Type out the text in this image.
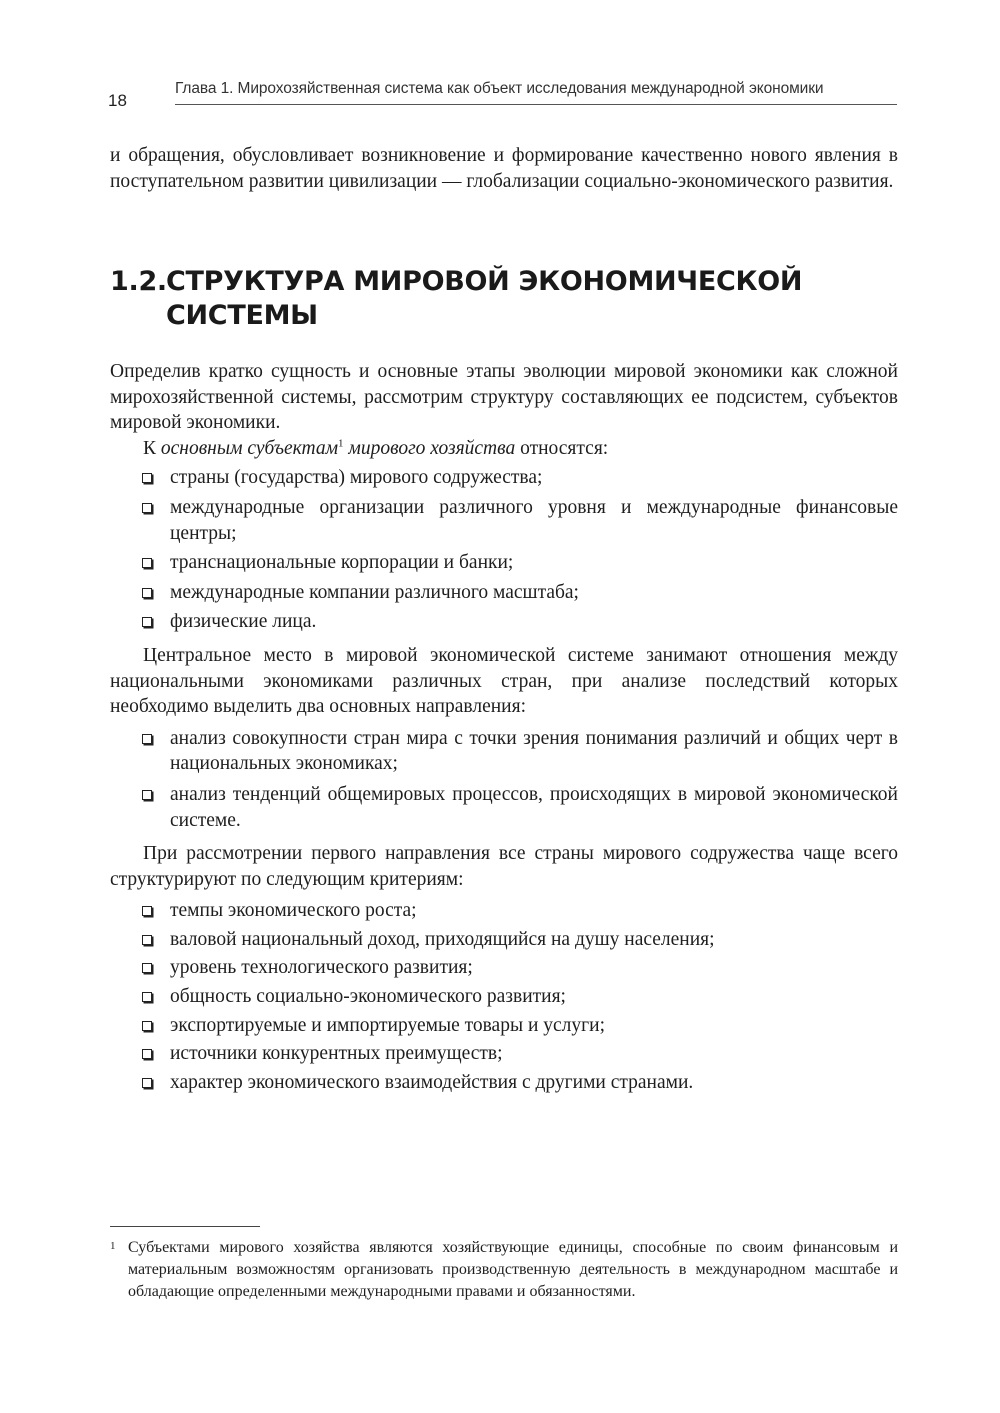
18
Глава 1. Мирохозяйственная система как объект исследования международной экономики

и обращения, обусловливает возникновение и формирование качественно нового явления в поступательном развитии цивилизации — глобализации социально-экономического развития.

1.2.СТРУКТУРА МИРОВОЙ ЭКОНОМИЧЕСКОЙ
СИСТЕМЫ

Определив кратко сущность и основные этапы эволюции мировой экономики как сложной мирохозяйственной системы, рассмотрим структуру составляющих ее подсистем, субъектов мировой экономики.

К основным субъектам$^1$ мирового хозяйства относятся:

страны (государства) мирового содружества;
международные организации различного уровня и международные финансовые центры;
транснациональные корпорации и банки;
международные компании различного масштаба;
физические лица.

Центральное место в мировой экономической системе занимают отношения между национальными экономиками различных стран, при анализе последствий которых необходимо выделить два основных направления:

анализ совокупности стран мира с точки зрения понимания различий и общих черт в национальных экономиках;
анализ тенденций общемировых процессов, происходящих в мировой экономической системе.

При рассмотрении первого направления все страны мирового содружества чаще всего структурируют по следующим критериям:

темпы экономического роста;
валовой национальный доход, приходящийся на душу населения;
уровень технологического развития;
общность социально-экономического развития;
экспортируемые и импортируемые товары и услуги;
источники конкурентных преимуществ;
характер экономического взаимодействия с другими странами.
1 Субъектами мирового хозяйства являются хозяйствующие единицы, способные по своим финансовым и материальным возможностям организовать производственную деятельность в международном масштабе и обладающие определенными международными правами и обязанностями.
